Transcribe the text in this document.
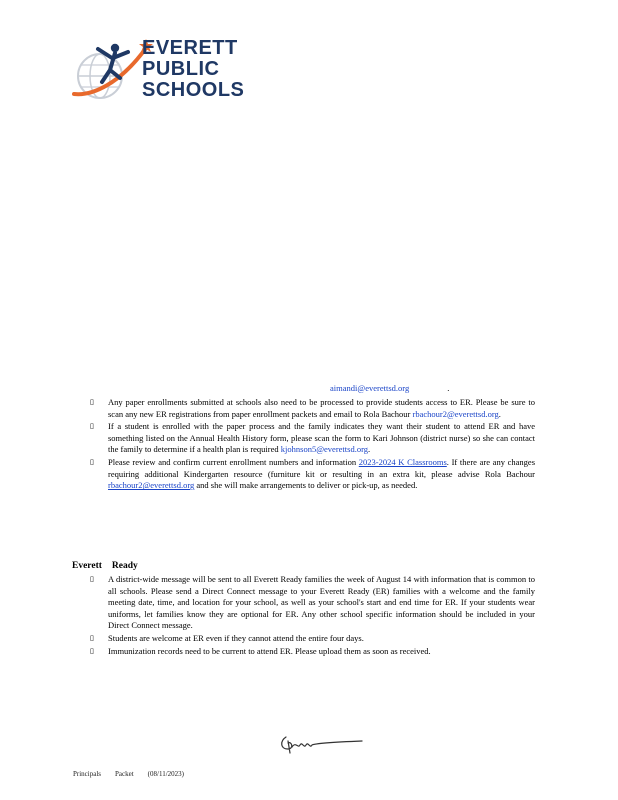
EVERETT
PUBLIC
SCHOOLS
aimandi@everettsd.org	.
▯	Any paper enrollments submitted at schools also need to be processed to provide students access to ER. Please be sure to scan any new ER registrations from paper enrollment packets and email to Rola Bachour rbachour2@everettsd.org.
▯	If a student is enrolled with the paper process and the family indicates they want their student to attend ER and have something listed on the Annual Health History form, please scan the form to Kari Johnson (district nurse) so she can contact the family to determine if a health plan is required kjohnson5@everettsd.org.
▯	Please review and confirm current enrollment numbers and information 2023-2024 K Classrooms. If there are any changes requiring additional Kindergarten resource (furniture kit or resulting in an extra kit, please advise Rola Bachour rbachour2@everettsd.org and she will make arrangements to deliver or pick-up, as needed.
Everett Ready
▯	A district-wide message will be sent to all Everett Ready families the week of August 14 with information that is common to all schools. Please send a Direct Connect message to your Everett Ready (ER) families with a welcome and the family meeting date, time, and location for your school, as well as your school's start and end time for ER. If your students wear uniforms, let families know they are optional for ER. Any other school specific information should be included in your Direct Connect message.
▯	Students are welcome at ER even if they cannot attend the entire four days.
▯	Immunization records need to be current to attend ER. Please upload them as soon as received.
Principals Packet (08/11/2023)
